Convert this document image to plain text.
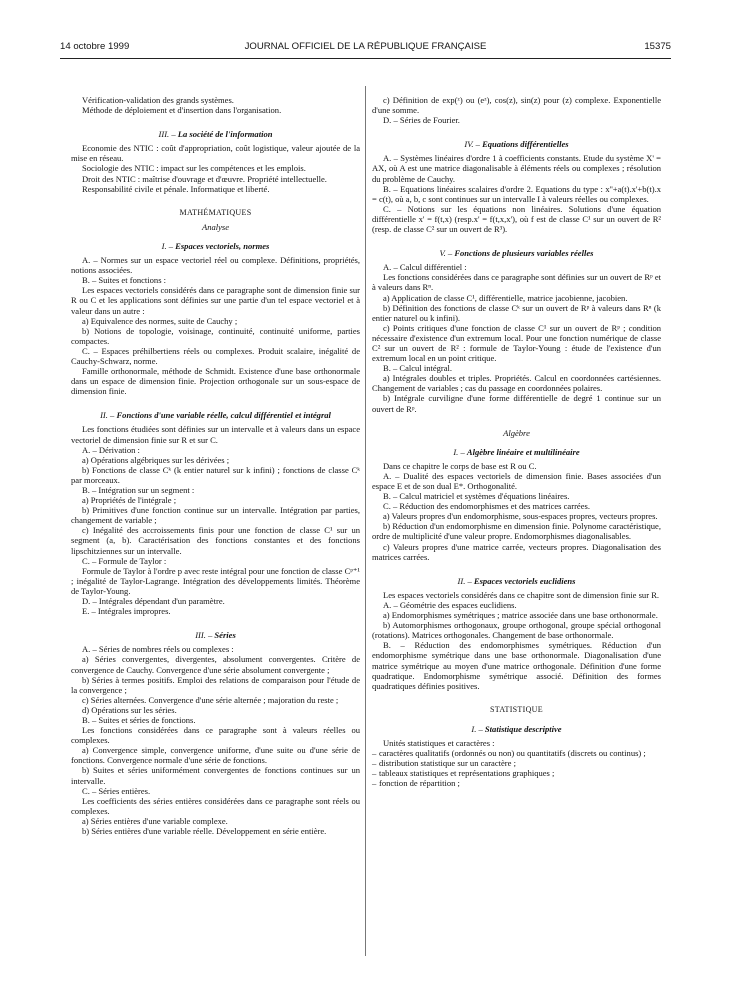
14 octobre 1999	JOURNAL OFFICIEL DE LA RÉPUBLIQUE FRANÇAISE	15375

Vérification-validation des grands systèmes.

Méthode de déploiement et d'insertion dans l'organisation.

III. – La société de l'information

Economie des NTIC : coût d'appropriation, coût logistique, valeur ajoutée de la mise en réseau.

Sociologie des NTIC : impact sur les compétences et les emplois.

Droit des NTIC : maîtrise d'ouvrage et d'œuvre. Propriété intellectuelle.

Responsabilité civile et pénale. Informatique et liberté.

MATHÉMATIQUES

Analyse

I. – Espaces vectoriels, normes

A. – Normes sur un espace vectoriel réel ou complexe. Définitions, propriétés, notions associées.

B. – Suites et fonctions :

Les espaces vectoriels considérés dans ce paragraphe sont de dimension finie sur R ou C et les applications sont définies sur une partie d'un tel espace vectoriel et à valeur dans un autre :

a) Equivalence des normes, suite de Cauchy ;

b) Notions de topologie, voisinage, continuité, continuité uniforme, parties compactes.

C. – Espaces préhilbertiens réels ou complexes. Produit scalaire, inégalité de Cauchy-Schwarz, norme.

Famille orthonormale, méthode de Schmidt. Existence d'une base orthonormale dans un espace de dimension finie. Projection orthogonale sur un sous-espace de dimension finie.

II. – Fonctions d'une variable réelle, calcul différentiel et intégral

Les fonctions étudiées sont définies sur un intervalle et à valeurs dans un espace vectoriel de dimension finie sur R et sur C.

A. – Dérivation :

a) Opérations algébriques sur les dérivées ;

b) Fonctions de classe Cᵏ (k entier naturel sur k infini) ; fonctions de classe Cᵏ par morceaux.

B. – Intégration sur un segment :

a) Propriétés de l'intégrale ;

b) Primitives d'une fonction continue sur un intervalle. Intégration par parties, changement de variable ;

c) Inégalité des accroissements finis pour une fonction de classe C¹ sur un segment (a, b). Caractérisation des fonctions constantes et des fonctions lipschitziennes sur un intervalle.

C. – Formule de Taylor :

Formule de Taylor à l'ordre p avec reste intégral pour une fonction de classe Cᵖ⁺¹ ; inégalité de Taylor-Lagrange. Intégration des développements limités. Théorème de Taylor-Young.

D. – Intégrales dépendant d'un paramètre.

E. – Intégrales impropres.

III. – Séries

A. – Séries de nombres réels ou complexes :

a) Séries convergentes, divergentes, absolument convergentes. Critère de convergence de Cauchy. Convergence d'une série absolument convergente ;

b) Séries à termes positifs. Emploi des relations de comparaison pour l'étude de la convergence ;

c) Séries alternées. Convergence d'une série alternée ; majoration du reste ;

d) Opérations sur les séries.

B. – Suites et séries de fonctions.

Les fonctions considérées dans ce paragraphe sont à valeurs réelles ou complexes.

a) Convergence simple, convergence uniforme, d'une suite ou d'une série de fonctions. Convergence normale d'une série de fonctions.

b) Suites et séries uniformément convergentes de fonctions continues sur un intervalle.

C. – Séries entières.

Les coefficients des séries entières considérées dans ce paragraphe sont réels ou complexes.

a) Séries entières d'une variable complexe.

b) Séries entières d'une variable réelle. Développement en série entière.

c) Définition de exp(ᶻ) ou (eᶻ), cos(z), sin(z) pour (z) complexe. Exponentielle d'une somme.

D. – Séries de Fourier.

IV. – Equations différentielles

A. – Systèmes linéaires d'ordre 1 à coefficients constants. Etude du système X' = AX, où A est une matrice diagonalisable à éléments réels ou complexes ; résolution du problème de Cauchy.

B. – Equations linéaires scalaires d'ordre 2. Equations du type : x''+a(t).x'+b(t).x = c(t), où a, b, c sont continues sur un intervalle I à valeurs réelles ou complexes.

C. – Notions sur les équations non linéaires. Solutions d'une équation différentielle x' = f(t,x) (resp.x' = f(t,x,x'), où f est de classe C¹ sur un ouvert de R² (resp. de classe C² sur un ouvert de R³).

V. – Fonctions de plusieurs variables réelles

A. – Calcul différentiel :

Les fonctions considérées dans ce paragraphe sont définies sur un ouvert de Rᵖ et à valeurs dans Rⁿ.

a) Application de classe C¹, différentielle, matrice jacobienne, jacobien.

b) Définition des fonctions de classe Cᵏ sur un ouvert de Rᵖ à valeurs dans Rⁿ (k entier naturel ou k infini).

c) Points critiques d'une fonction de classe C¹ sur un ouvert de Rᵖ ; condition nécessaire d'existence d'un extremum local. Pour une fonction numérique de classe C² sur un ouvert de R² : formule de Taylor-Young : étude de l'existence d'un extremum local en un point critique.

B. – Calcul intégral.

a) Intégrales doubles et triples. Propriétés. Calcul en coordonnées cartésiennes. Changement de variables ; cas du passage en coordonnées polaires.

b) Intégrale curviligne d'une forme différentielle de degré 1 continue sur un ouvert de Rᵖ.

Algèbre

I. – Algèbre linéaire et multilinéaire

Dans ce chapitre le corps de base est R ou C.

A. – Dualité des espaces vectoriels de dimension finie. Bases associées d'un espace E et de son dual E*. Orthogonalité.

B. – Calcul matriciel et systèmes d'équations linéaires.

C. – Réduction des endomorphismes et des matrices carrées.

a) Valeurs propres d'un endomorphisme, sous-espaces propres, vecteurs propres.

b) Réduction d'un endomorphisme en dimension finie. Polynome caractéristique, ordre de multiplicité d'une valeur propre. Endomorphismes diagonalisables.

c) Valeurs propres d'une matrice carrée, vecteurs propres. Diagonalisation des matrices carrées.

II. – Espaces vectoriels euclidiens

Les espaces vectoriels considérés dans ce chapitre sont de dimension finie sur R.

A. – Géométrie des espaces euclidiens.

a) Endomorphismes symétriques ; matrice associée dans une base orthonormale.

b) Automorphismes orthogonaux, groupe orthogonal, groupe spécial orthogonal (rotations). Matrices orthogonales. Changement de base orthonormale.

B. – Réduction des endomorphismes symétriques. Réduction d'un endomorphisme symétrique dans une base orthonormale. Diagonalisation d'une matrice symétrique au moyen d'une matrice orthogonale. Définition d'une forme quadratique. Endomorphisme symétrique associé. Définition des formes quadratiques définies positives.

STATISTIQUE

I. – Statistique descriptive

Unités statistiques et caractères :

– caractères qualitatifs (ordonnés ou non) ou quantitatifs (discrets ou continus) ;

– distribution statistique sur un caractère ;

– tableaux statistiques et représentations graphiques ;

– fonction de répartition ;
